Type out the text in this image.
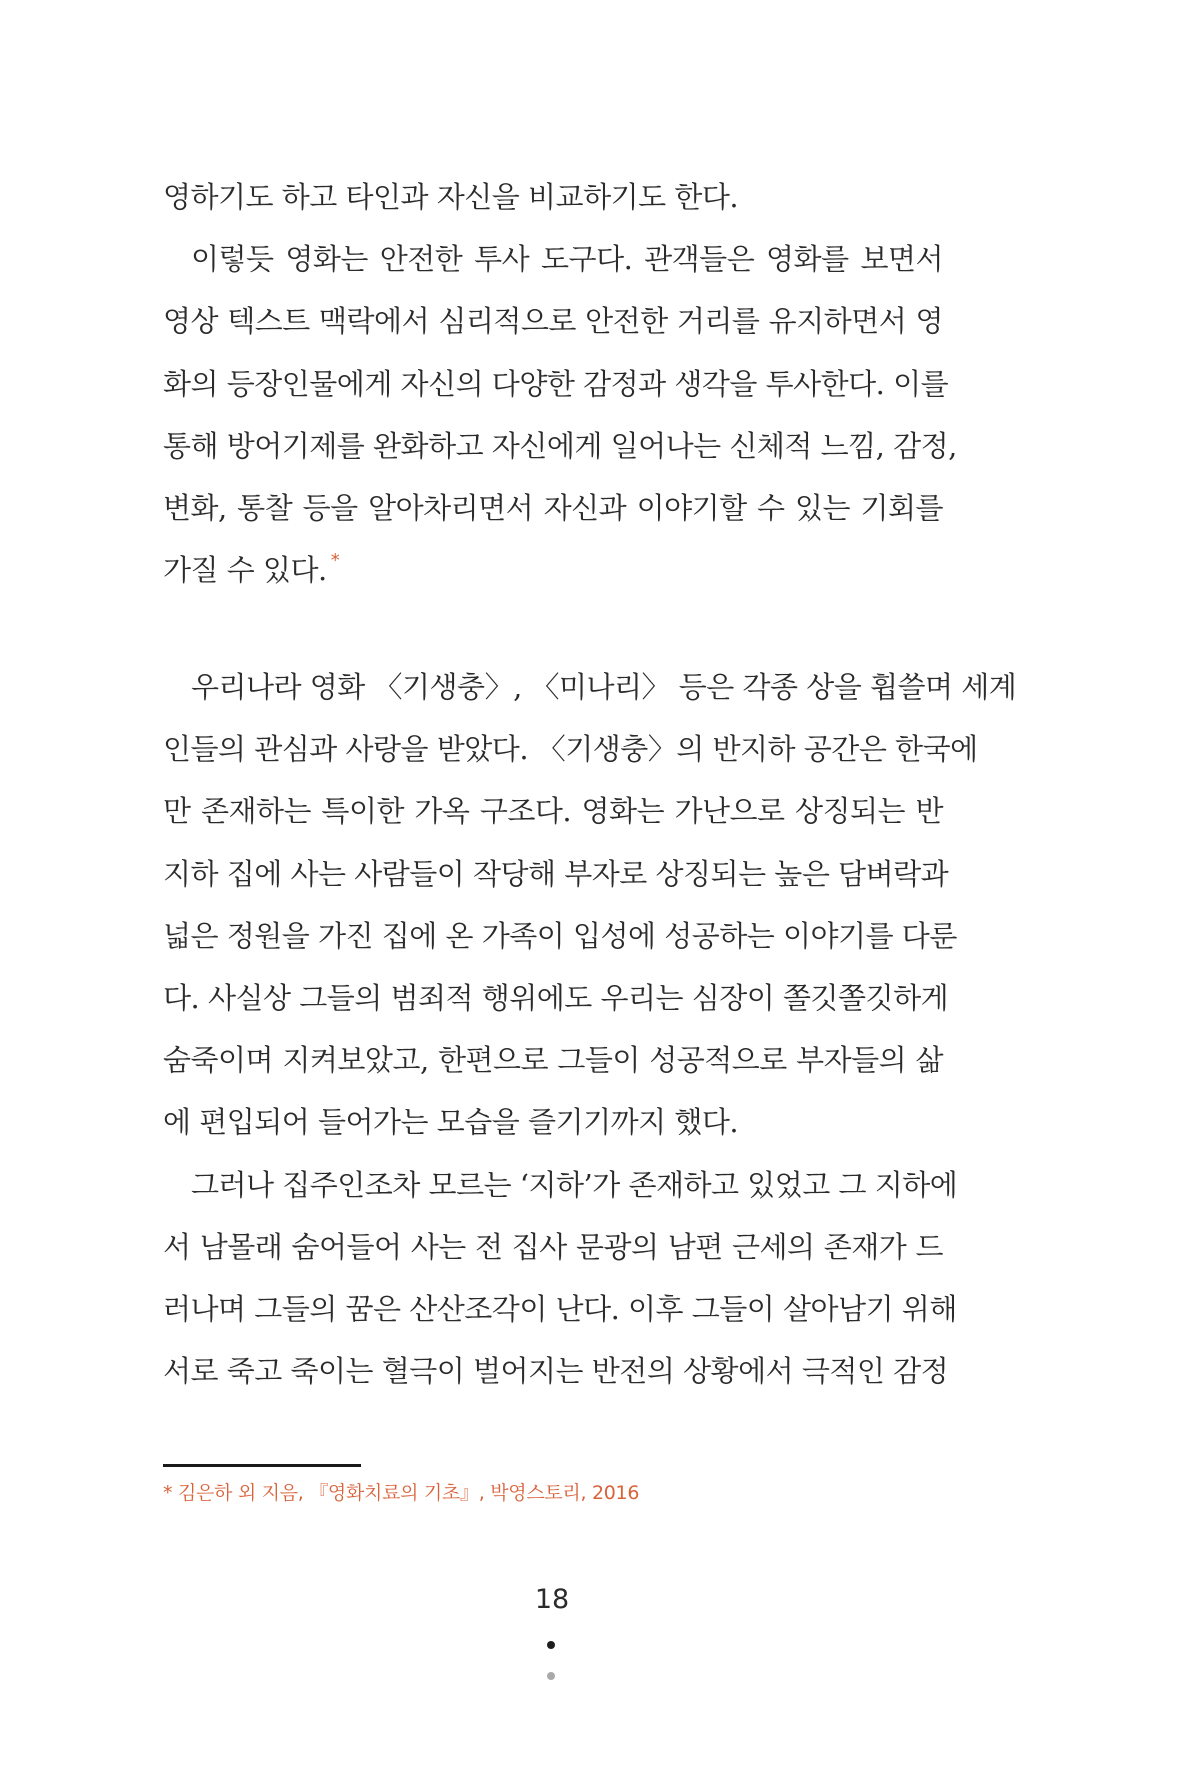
영하기도 하고 타인과 자신을 비교하기도 한다.
이렇듯 영화는 안전한 투사 도구다. 관객들은 영화를 보면서
영상 텍스트 맥락에서 심리적으로 안전한 거리를 유지하면서 영
화의 등장인물에게 자신의 다양한 감정과 생각을 투사한다. 이를
통해 방어기제를 완화하고 자신에게 일어나는 신체적 느낌, 감정,
변화, 통찰 등을 알아차리면서 자신과 이야기할 수 있는 기회를
가질 수 있다. *
우리나라 영화 〈기생충〉, 〈미나리〉 등은 각종 상을 휩쓸며 세계
인들의 관심과 사랑을 받았다. 〈기생충〉의 반지하 공간은 한국에
만 존재하는 특이한 가옥 구조다. 영화는 가난으로 상징되는 반
지하 집에 사는 사람들이 작당해 부자로 상징되는 높은 담벼락과
넓은 정원을 가진 집에 온 가족이 입성에 성공하는 이야기를 다룬
다. 사실상 그들의 범죄적 행위에도 우리는 심장이 쫄깃쫄깃하게
숨죽이며 지켜보았고, 한편으로 그들이 성공적으로 부자들의 삶
에 편입되어 들어가는 모습을 즐기기까지 했다.
그러나 집주인조차 모르는 ‘지하’가 존재하고 있었고 그 지하에
서 남몰래 숨어들어 사는 전 집사 문광의 남편 근세의 존재가 드
러나며 그들의 꿈은 산산조각이 난다. 이후 그들이 살아남기 위해
서로 죽고 죽이는 혈극이 벌어지는 반전의 상황에서 극적인 감정
* 김은하 외 지음, 『영화치료의 기초』, 박영스토리, 2016
18
